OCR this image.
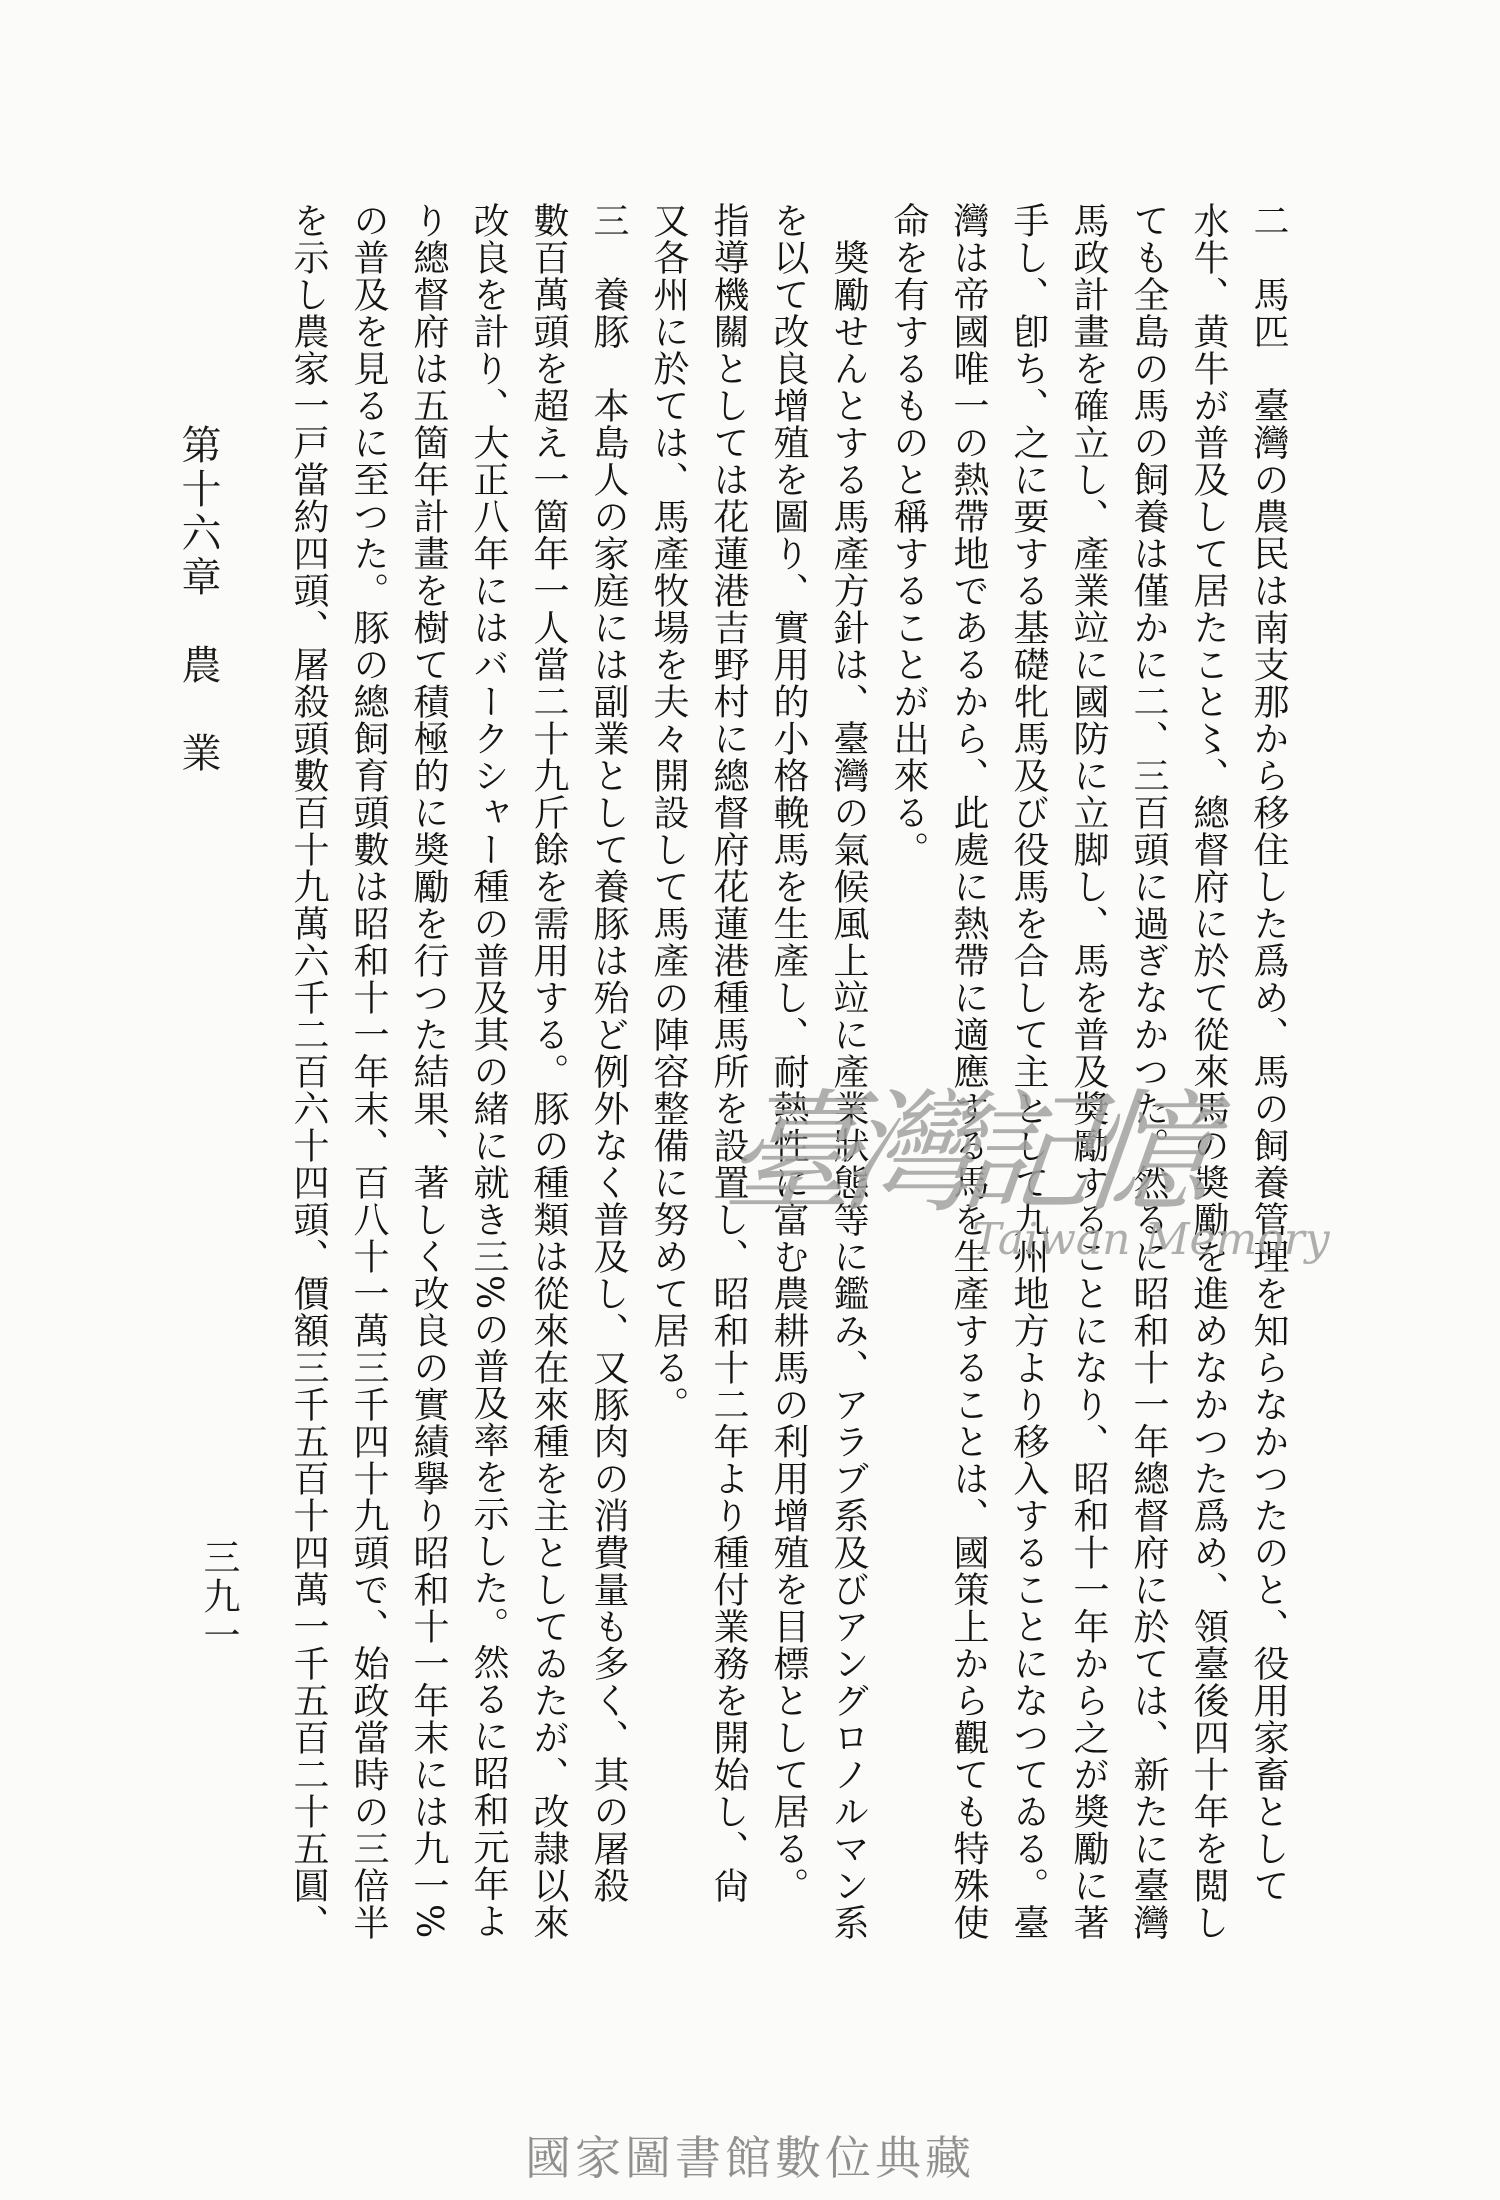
第十六章　農　業	二　馬匹　臺灣の農民は南支那から移住した爲め、馬の飼養管理を知らなかつたのと、役用家畜として
水牛、黄牛が普及して居たこと〻、總督府に於て從來馬の奬勵を進めなかつた爲め、領臺後四十年を閲し
ても全島の馬の飼養は僅かに二、三百頭に過ぎなかつた。然るに昭和十一年總督府に於ては、新たに臺灣
馬政計畫を確立し、產業竝に國防に立脚し、馬を普及奬勵することになり、昭和十一年から之が奬勵に著
手し、卽ち、之に要する基礎牝馬及び役馬を合して主として九州地方より移入することになつてゐる。臺
灣は帝國唯一の熱帶地であるから、此處に熱帶に適應する馬を生產することは、國策上から觀ても特殊使
命を有するものと稱することが出來る。
　奬勵せんとする馬產方針は、臺灣の氣候風上竝に產業狀態等に鑑み、アラブ系及びアングロノルマン系
を以て改良增殖を圖り、實用的小格輓馬を生產し、耐熱性に富む農耕馬の利用增殖を目標として居る。
指導機關としては花蓮港吉野村に總督府花蓮港種馬所を設置し、昭和十二年より種付業務を開始し、尙
又各州に於ては、馬產牧場を夫々開設して馬產の陣容整備に努めて居る。
三　養豚　本島人の家庭には副業として養豚は殆ど例外なく普及し、又豚肉の消費量も多く、其の屠殺
數百萬頭を超え一箇年一人當二十九斤餘を需用する。豚の種類は從來在來種を主としてゐたが、改隷以來
改良を計り、大正八年にはバークシャー種の普及其の緒に就き三%の普及率を示した。然るに昭和元年よ
り總督府は五箇年計畫を樹て積極的に奬勵を行つた結果、著しく改良の實績擧り昭和十一年末には九一%
の普及を見るに至つた。豚の總飼育頭數は昭和十一年末、百八十一萬三千四十九頭で、始政當時の三倍半
を示し農家一戸當約四頭、屠殺頭數百十九萬六千二百六十四頭、價額三千五百十四萬一千五百二十五圓、
三九一
臺灣記憶
Taiwan Memory
國家圖書館數位典藏
